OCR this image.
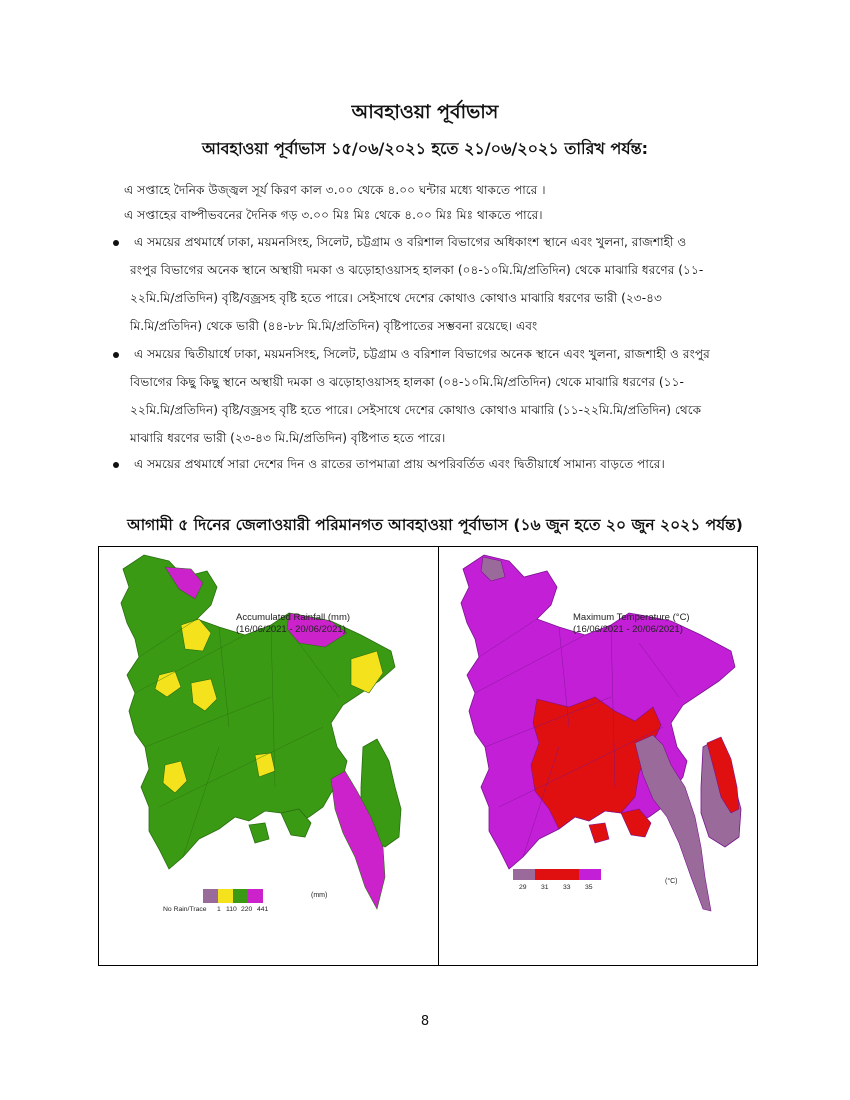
আবহাওয়া পূর্বাভাস
আবহাওয়া পূর্বাভাস ১৫/০৬/২০২১ হতে ২১/০৬/২০২১ তারিখ পর্যন্ত:
এ সপ্তাহে দৈনিক উজ্জ্বল সূর্য কিরণ কাল ৩.০০ থেকে ৪.০০ ঘন্টার মধ্যে থাকতে পারে ।
এ সপ্তাহের বাষ্পীভবনের দৈনিক গড় ৩.০০ মিঃ মিঃ থেকে ৪.০০ মিঃ মিঃ থাকতে পারে।
এ সময়ের প্রথমার্ধে ঢাকা, ময়মনসিংহ, সিলেট, চট্টগ্রাম ও বরিশাল বিভাগের অধিকাংশ স্থানে এবং খুলনা, রাজশাহী ও
রংপুর বিভাগের অনেক স্থানে অস্থায়ী দমকা ও ঝড়োহাওয়াসহ হালকা (০৪-১০মি.মি/প্রতিদিন) থেকে মাঝারি ধরণের (১১-
২২মি.মি/প্রতিদিন) বৃষ্টি/বজ্রসহ বৃষ্টি হতে পারে। সেইসাথে দেশের কোথাও কোথাও মাঝারি ধরণের ভারী (২৩-৪৩
মি.মি/প্রতিদিন) থেকে ভারী (৪৪-৮৮ মি.মি/প্রতিদিন) বৃষ্টিপাতের সম্ভবনা রয়েছে। এবং
এ সময়ের দ্বিতীয়ার্ধে ঢাকা, ময়মনসিংহ, সিলেট, চট্টগ্রাম ও বরিশাল বিভাগের অনেক স্থানে এবং খুলনা, রাজশাহী ও রংপুর
বিভাগের কিছু কিছু স্থানে অস্থায়ী দমকা ও ঝড়োহাওয়াসহ হালকা (০৪-১০মি.মি/প্রতিদিন) থেকে মাঝারি ধরণের (১১-
২২মি.মি/প্রতিদিন) বৃষ্টি/বজ্রসহ বৃষ্টি হতে পারে। সেইসাথে দেশের কোথাও কোথাও মাঝারি (১১-২২মি.মি/প্রতিদিন) থেকে
মাঝারি ধরণের ভারী (২৩-৪৩ মি.মি/প্রতিদিন) বৃষ্টিপাত হতে পারে।
এ সময়ের প্রথমার্ধে সারা দেশের দিন ও রাতের তাপমাত্রা প্রায় অপরিবর্তিত এবং দ্বিতীয়ার্ধে সামান্য বাড়তে পারে।
আগামী ৫ দিনের জেলাওয়ারী পরিমানগত আবহাওয়া পূর্বাভাস (১৬ জুন হতে ২০ জুন ২০২১ পর্যন্ত)
Accumulated Rainfall (mm)
(16/06/2021 - 20/06/2021)
No Rain/Trace 1 110 220 441
(mm)
Maximum Temperature (°C)
(16/06/2021 - 20/06/2021)
29 31 33 35
(°C)
8
